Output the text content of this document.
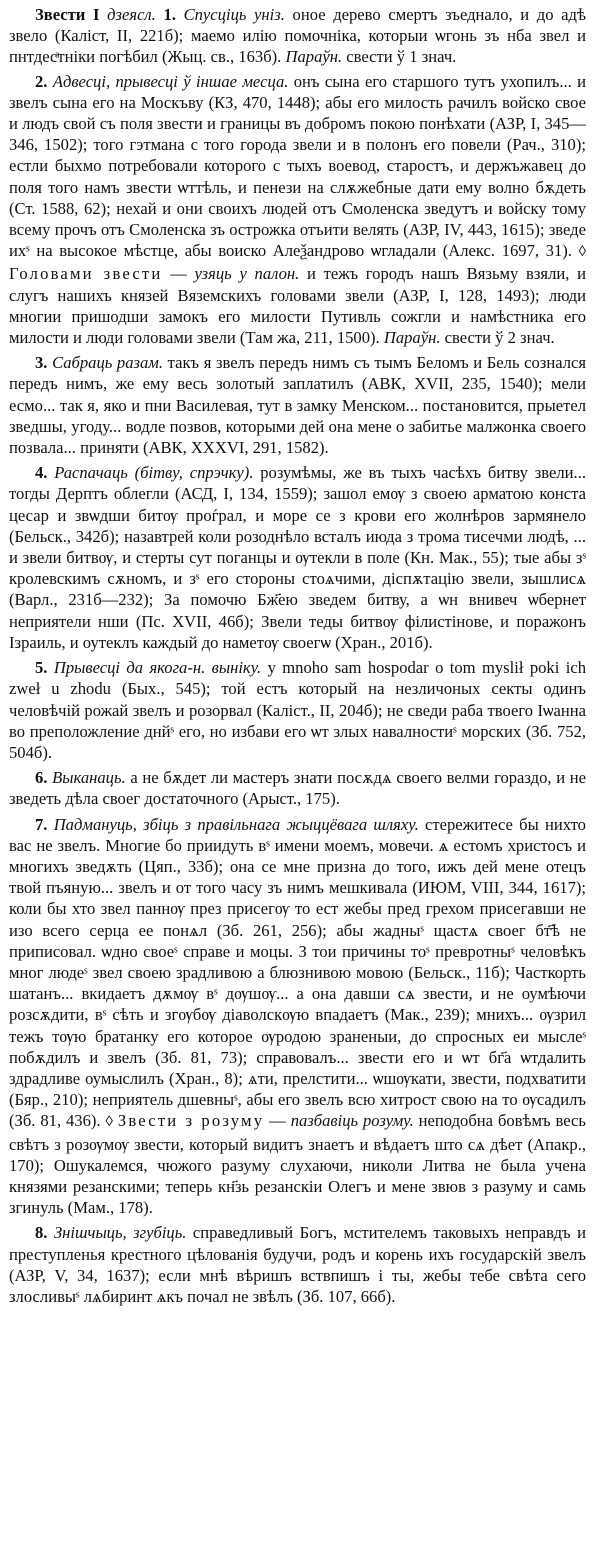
Звести I дзеясл. 1. Спусціць уніз. оное дерево смертъ зъеднало, и до адѣ звело (Каліст, II, 221б); маемо илію помочніка, которыи ѡгонь зъ нба звел и пнтдесͣтніки погѣбил (Жыц. св., 163б). Параўн. свести ў 1 знач.

2. Адвесці, прывесці ў іншае месца. онъ сына его старшого тутъ ухопилъ... и звелъ сына его на Москъву (КЗ, 470, 1448); абы его милость рачилъ войско свое и людъ свой съ поля звести и границы въ добромъ покою понѣхати (АЗР, I, 345—346, 1502); того гэтмана с того города звели и в полонъ его повели (Рач., 310); естли быхмо потребовали которого с тыхъ воевод, старостъ, и держъжавец до поля того намъ звести ѡттѣль, и пенези на слѫжебные дати ему волно бѫдеть (Ст. 1588, 62); нехай и они своихъ людей отъ Смоленска зведутъ и войску тому всему прочъ отъ Смоленска зъ острожка отъити велять (АЗР, IV, 443, 1615); зведе ихˢ на высокое мѣстце, абы воиско Алеѯандрово ѡгладали (Алекс. 1697, 31). ◊ Головами звести — узяць у палон. и тежъ городъ нашъ Вязьму взяли, и слугъ нашихъ князей Вяземскихъ головами звели (АЗР, I, 128, 1493); люди многии пришодши замокъ его милости Путивль сожгли и намѣстника его милости и люди головами звели (Там жа, 211, 1500). Параўн. свести ў 2 знач.

3. Сабраць разам. такъ я звелъ передъ нимъ съ тымъ Беломъ и Бель сознался передъ нимъ, же ему весь золотый заплатилъ (АВК, XVII, 235, 1540); мели есмо... так я, яко и пни Василевая, тут в замку Менском... постановится, прыетел зведшы, угоду... водле позвов, которыми дей она мене о забитье малжонка своего позвала... приняти (АВК, XXXVI, 291, 1582).

4. Распачаць (бітву, спрэчку). розумѣмы, же въ тыхъ часѣхъ битву звели... тогды Дерптъ облегли (АСД, I, 134, 1559); зашол емѹ з своею арматою конста цесар и звѡдши битѹ проѓрал, и море се з крови его жолнѣров зармянело (Бельск., 342б); назавтрей коли розоднѣло всталъ июда з трома тисечми людѣ, ... и звели битвѹ, и стерты сут поганцы и ѹтекли в поле (Кн. Мак., 55); тые абы зˢ кролевскимъ сѫномъ, и зˢ его стороны стоѧчими, діспѫтацію звели, зышлисѧ (Варл., 231б—232); За помочю Бж҃ею зведем битву, а ѡн внивеч ѡбернет неприятели нши (Пс. XVII, 46б); Звели теды битвѹ філистінове, и поражонъ Ізраиль, и оутеклъ каждый до наметѹ своегѡ (Хран., 201б).

5. Прывесці да якога-н. выніку. y mnoho sam hospodar o tom myslił poki ich zweł u zhodu (Бых., 545); той естъ который на незличоных секты одинъ человѣчій рожай звелъ и розорвал (Каліст., II, 204б); не сведи раба твоего Іѡанна во преположление днйˢ его, но избави его ѡт злых навалностиˢ морских (Зб. 752, 504б).

6. Выканаць. а не бѫдет ли мастеръ знати посѫдѧ своего велми гораздо, и не зведеть дѣла своег достаточного (Арыст., 175).

7. Падмануць, збіць з правільнага жыццёвага шляху. cтережитесе бы нихто вас не звелъ. Многие бо приидуть вˢ имени моемъ, мовечи. ѧ естомъ христосъ и многихъ зведѫть (Цяп., 33б); она се мне призна до того, ижъ дей мене отецъ твой пъяную... звелъ и от того часу зъ нимъ мешкивала (ИЮМ, VIII, 344, 1617); коли бы хто звел паннѹ през присегѹ то ест жебы пред грехом присегавши не изо всего серца ее понѧл (Зб. 261, 256); абы жадныˢ щастѧ своег бт҃ѣ не приписовал. ѡдно своеˢ справе и моцы. З тои причины тоˢ превротныˢ человѣкъ мног людеˢ звел своею зрадливою а блюзнивою мовою (Бельск., 11б); Часткорть шатанъ... вкидаетъ дѫмѹ вˢ дѹшѹ... а она давши сѧ звести, и не оумѣючи розсѫдити, вˢ сѣть и згѹбѹ діаволскѹю впадаетъ (Мак., 239); мнихъ... ѹзрил тежъ тѹю братанку его которое ѹродою зраненыи, до спросных еи мыслеˢ побѫдилъ и звелъ (Зб. 81, 73); справовалъ... звести его и ѡт бг҃а ѡтдалить здрадливе оумыслилъ (Хран., 8); ѧти, прелстити... ѡшѹкати, звести, подхватити (Бяр., 210); неприятель дшевныˢ, абы его звелъ всю хитрост свою на то ѹсадилъ (Зб. 81, 436). ◊ Звести з розуму — пазбавіць розуму. неподобна бовѣмъ весь свѣтъ з розѹмѹ звести, который видитъ знаетъ и вѣдаетъ што сѧ дѣет (Апакр., 170); Ошукалемся, чюжого разуму слухаючи, николи Литва не была учена князями резанскими; теперь кн҃зь резанскіи Олегъ и мене звюв з разуму и самь згинуль (Мам., 178).

8. Знішчыць, згубіць. справедливый Богъ, мстителемъ таковыхъ неправдъ и преступленья крестного цѣлованія будучи, родъ и корень ихъ государскій звелъ (АЗР, V, 34, 1637); если мнѣ вѣришъ вствпишъ і ты, жебы тебе свѣта сего злосливыˢ лѧбиринт ѧкъ почал не звѣлъ (Зб. 107, 66б).
